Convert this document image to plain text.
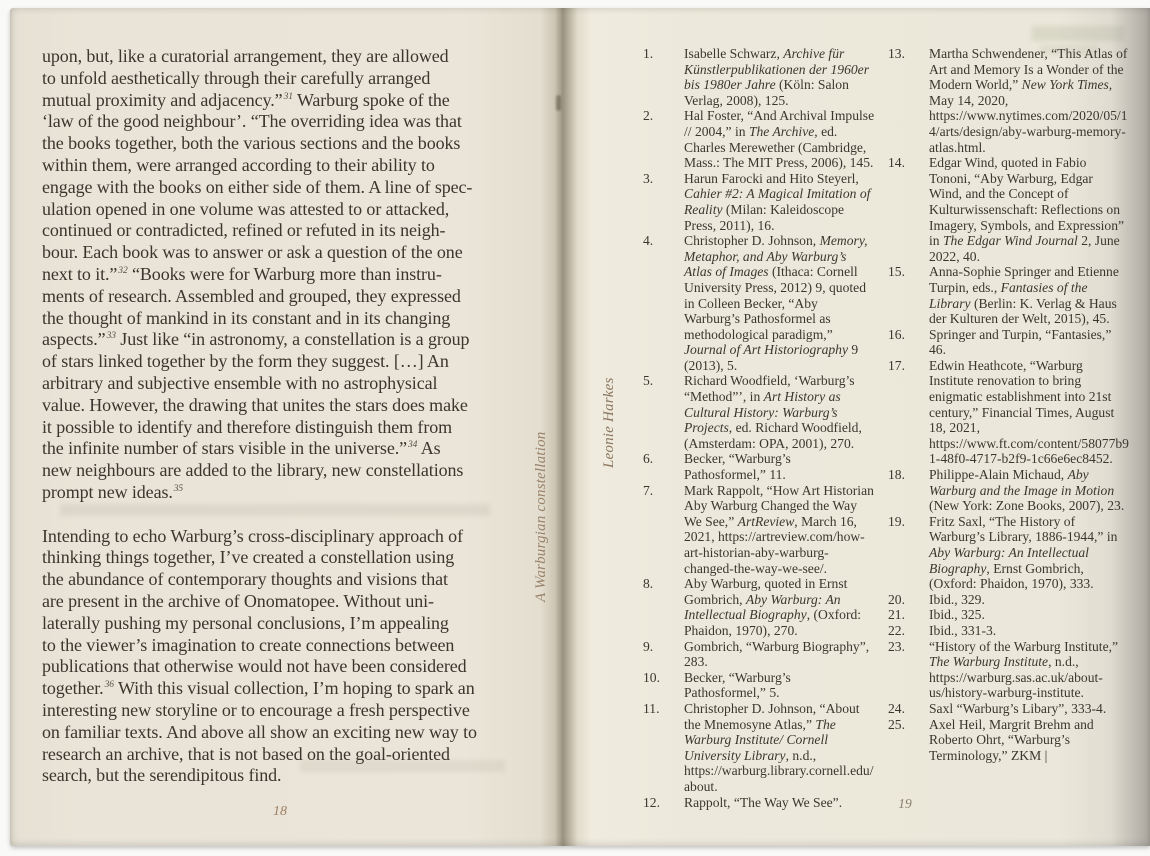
upon, but, like a curatorial arrangement, they are allowed
to unfold aesthetically through their carefully arranged
mutual proximity and adjacency.”$^{31}$ Warburg spoke of the
‘law of the good neighbour’. “The overriding idea was that
the books together, both the various sections and the books
within them, were arranged according to their ability to
engage with the books on either side of them. A line of spec-
ulation opened in one volume was attested to or attacked,
continued or contradicted, refined or refuted in its neigh-
bour. Each book was to answer or ask a question of the one
next to it.”$^{32}$ “Books were for Warburg more than instru-
ments of research. Assembled and grouped, they expressed
the thought of mankind in its constant and in its changing
aspects.”$^{33}$ Just like “in astronomy, a constellation is a group
of stars linked together by the form they suggest. […] An
arbitrary and subjective ensemble with no astrophysical
value. However, the drawing that unites the stars does make
it possible to identify and therefore distinguish them from
the infinite number of stars visible in the universe.”$^{34}$ As
new neighbours are added to the library, new constellations
prompt new ideas.$^{35}$
Intending to echo Warburg’s cross-disciplinary approach of
thinking things together, I’ve created a constellation using
the abundance of contemporary thoughts and visions that
are present in the archive of Onomatopee. Without uni-
laterally pushing my personal conclusions, I’m appealing
to the viewer’s imagination to create connections between
publications that otherwise would not have been considered
together.$^{36}$ With this visual collection, I’m hoping to spark an
interesting new storyline or to encourage a fresh perspective
on familiar texts. And above all show an exciting new way to
research an archive, that is not based on the goal-oriented
search, but the serendipitous find.
A Warburgian constellation
18
Leonie Harkes
1.	Isabelle Schwarz, Archive für Künstlerpublikationen der 1960er bis 1980er Jahre (Köln: Salon Verlag, 2008), 125.
2.	Hal Foster, “And Archival Impulse // 2004,” in The Archive, ed. Charles Merewether (Cambridge, Mass.: The MIT Press, 2006), 145.
3.	Harun Farocki and Hito Steyerl, Cahier #2: A Magical Imitation of Reality (Milan: Kaleidoscope Press, 2011), 16.
4.	Christopher D. Johnson, Memory, Metaphor, and Aby Warburg’s Atlas of Images (Ithaca: Cornell University Press, 2012) 9, quoted in Colleen Becker, “Aby Warburg’s Pathosformel as methodological paradigm,” Journal of Art Historiography 9 (2013), 5.
5.	Richard Woodfield, ‘Warburg’s “Method”’, in Art History as Cultural History: Warburg’s Projects, ed. Richard Woodfield, (Amsterdam: OPA, 2001), 270.
6.	Becker, “Warburg’s Pathosformel,” 11.
7.	Mark Rappolt, “How Art Historian Aby Warburg Changed the Way We See,” ArtReview, March 16, 2021, https://artreview.com/how-art-historian-aby-warburg-changed-the-way-we-see/.
8.	Aby Warburg, quoted in Ernst Gombrich, Aby Warburg: An Intellectual Biography, (Oxford: Phaidon, 1970), 270.
9.	Gombrich, “Warburg Biography”, 283.
10.	Becker, “Warburg’s Pathosformel,” 5.
11.	Christopher D. Johnson, “About the Mnemosyne Atlas,” The Warburg Institute/ Cornell University Library, n.d., https://warburg.library.cornell.edu/about.
12.	Rappolt, “The Way We See”.
13.	Martha Schwendener, “This Atlas of Art and Memory Is a Wonder of the Modern World,” New York Times, May 14, 2020, https://www.nytimes.com/2020/05/14/arts/design/aby-warburg-memory-atlas.html.
14.	Edgar Wind, quoted in Fabio Tononi, “Aby Warburg, Edgar Wind, and the Concept of Kulturwissenschaft: Reflections on Imagery, Symbols, and Expression” in The Edgar Wind Journal 2, June 2022, 40.
15.	Anna-Sophie Springer and Etienne Turpin, eds., Fantasies of the Library (Berlin: K. Verlag & Haus der Kulturen der Welt, 2015), 45.
16.	Springer and Turpin, “Fantasies,” 46.
17.	Edwin Heathcote, “Warburg Institute renovation to bring enigmatic establishment into 21st century,” Financial Times, August 18, 2021, https://www.ft.com/content/58077b91-48f0-4717-b2f9-1c66e6ec8452.
18.	Philippe-Alain Michaud, Aby Warburg and the Image in Motion (New York: Zone Books, 2007), 23.
19.	Fritz Saxl, “The History of Warburg’s Library, 1886-1944,” in Aby Warburg: An Intellectual Biography, Ernst Gombrich, (Oxford: Phaidon, 1970), 333.
20.	Ibid., 329.
21.	Ibid., 325.
22.	Ibid., 331-3.
23.	“History of the Warburg Institute,” The Warburg Institute, n.d., https://warburg.sas.ac.uk/about-us/history-warburg-institute.
24.	Saxl “Warburg’s Libary”, 333-4.
25.	Axel Heil, Margrit Brehm and Roberto Ohrt, “Warburg’s Terminology,” ZKM |
19
